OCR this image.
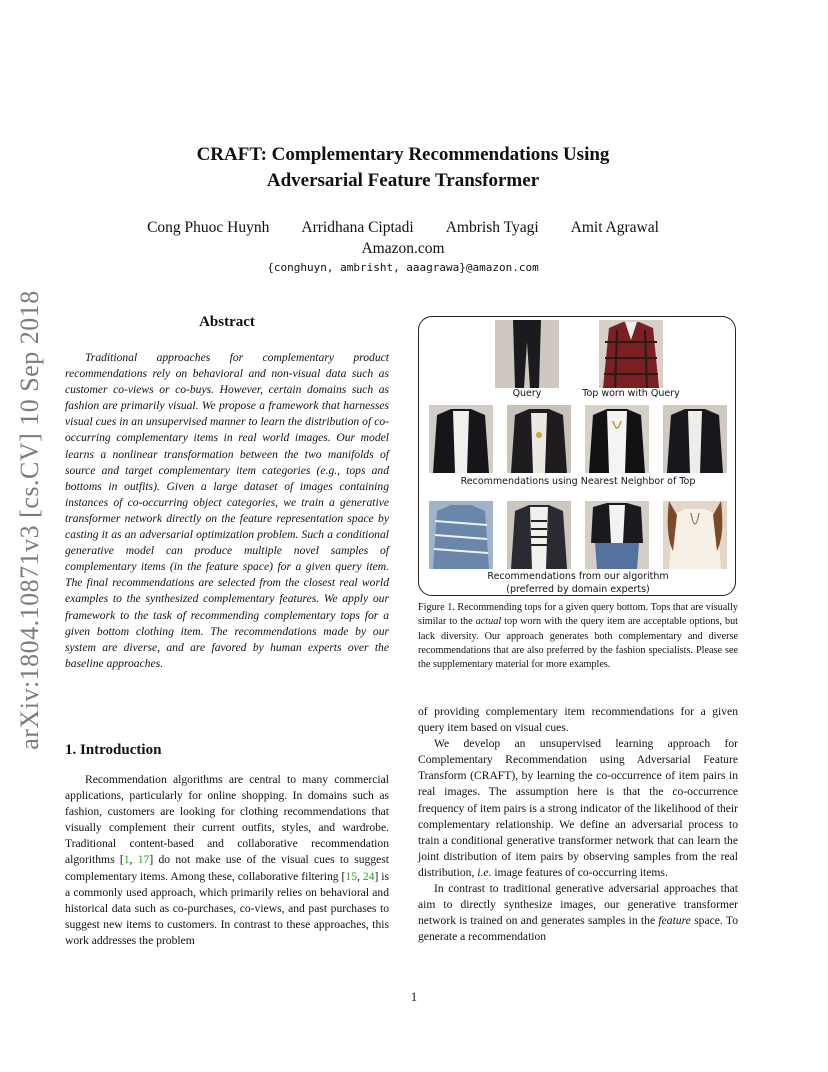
arXiv:1804.10871v3 [cs.CV] 10 Sep 2018
CRAFT: Complementary Recommendations Using
Adversarial Feature Transformer
Cong Phuoc Huynh Arridhana Ciptadi Ambrish Tyagi Amit Agrawal
Amazon.com
{conghuyn, ambrisht, aaagrawa}@amazon.com
Abstract

Traditional approaches for complementary product recommendations rely on behavioral and non-visual data such as customer co-views or co-buys. However, certain domains such as fashion are primarily visual. We propose a framework that harnesses visual cues in an unsupervised manner to learn the distribution of co-occurring complementary items in real world images. Our model learns a nonlinear transformation between the two manifolds of source and target complementary item categories (e.g., tops and bottoms in outfits). Given a large dataset of images containing instances of co-occurring object categories, we train a generative transformer network directly on the feature representation space by casting it as an adversarial optimization problem. Such a conditional generative model can produce multiple novel samples of complementary items (in the feature space) for a given query item. The final recommendations are selected from the closest real world examples to the synthesized complementary features. We apply our framework to the task of recommending complementary tops for a given bottom clothing item. The recommendations made by our system are diverse, and are favored by human experts over the baseline approaches.

1. Introduction

Recommendation algorithms are central to many commercial applications, particularly for online shopping. In domains such as fashion, customers are looking for clothing recommendations that visually complement their current outfits, styles, and wardrobe. Traditional content-based and collaborative recommendation algorithms [1, 17] do not make use of the visual cues to suggest complementary items. Among these, collaborative filtering [15, 24] is a commonly used approach, which primarily relies on behavioral and historical data such as co-purchases, co-views, and past purchases to suggest new items to customers. In contrast to these approaches, this work addresses the problem

Query	Top worn with Query
Recommendations using Nearest Neighbor of Top
Recommendations from our algorithm
(preferred by domain experts)

Figure 1. Recommending tops for a given query bottom. Tops that are visually similar to the actual top worn with the query item are acceptable options, but lack diversity. Our approach generates both complementary and diverse recommendations that are also preferred by the fashion specialists. Please see the supplementary material for more examples.

of providing complementary item recommendations for a given query item based on visual cues.

We develop an unsupervised learning approach for Complementary Recommendation using Adversarial Feature Transform (CRAFT), by learning the co-occurrence of item pairs in real images. The assumption here is that the co-occurrence frequency of item pairs is a strong indicator of the likelihood of their complementary relationship. We define an adversarial process to train a conditional generative transformer network that can learn the joint distribution of item pairs by observing samples from the real distribution, i.e. image features of co-occurring items.

In contrast to traditional generative adversarial approaches that aim to directly synthesize images, our generative transformer network is trained on and generates samples in the feature space. To generate a recommendation

1
